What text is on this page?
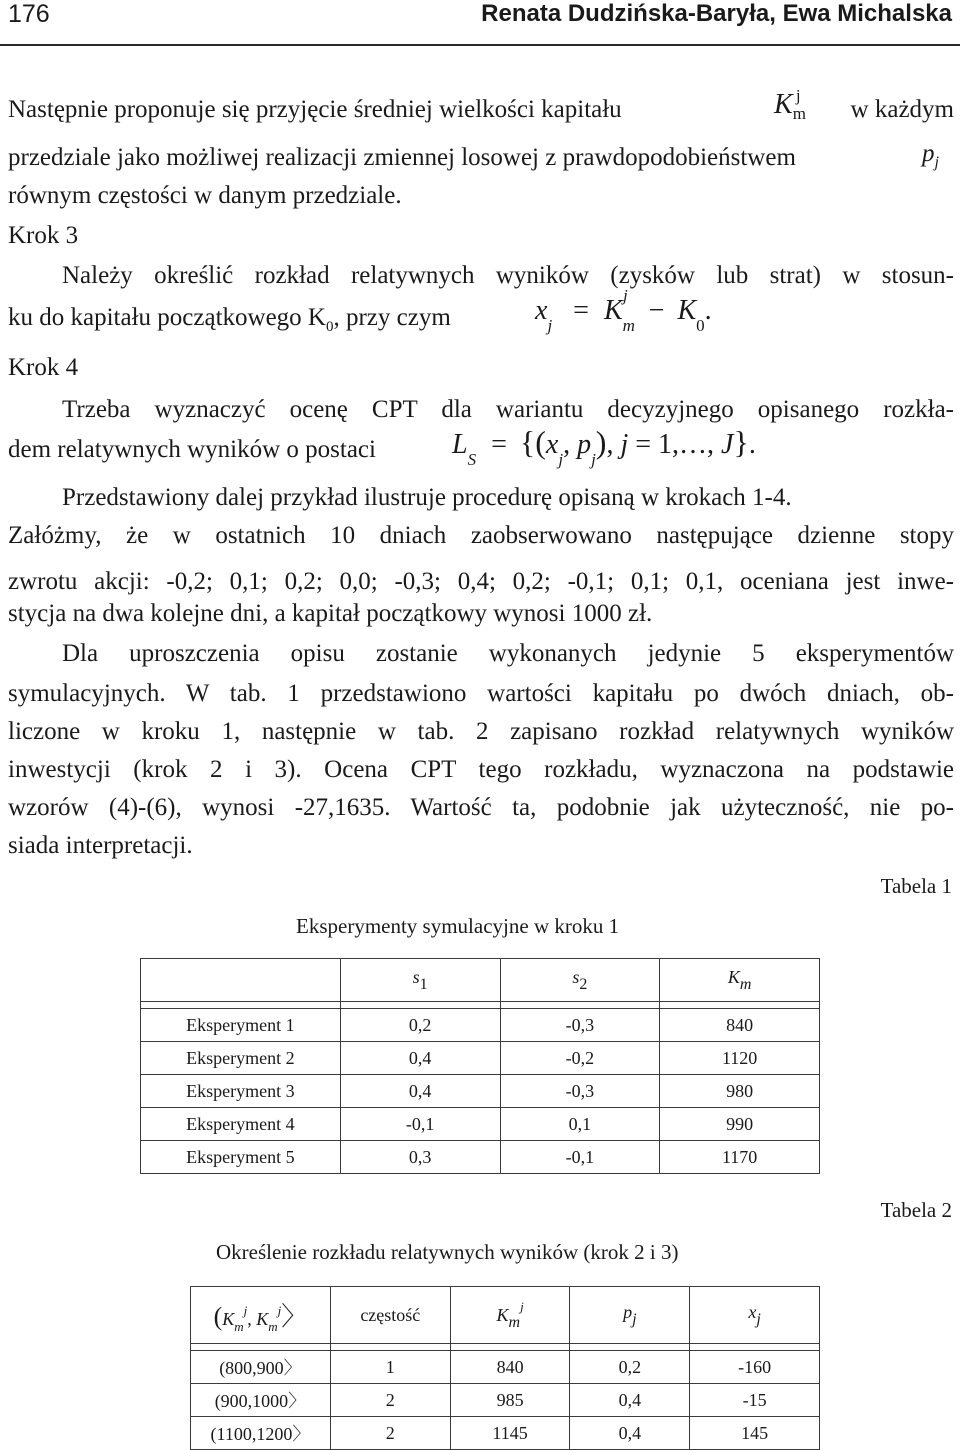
176	Renata Dudzińska-Baryła, Ewa Michalska
Następnie proponuje się przyjęcie średniej wielkości kapitału	$K_m^j$
w każdym
przedziale jako możliwej realizacji zmiennej losowej z prawdopodobieństwem	$p_j$
równym częstości w danym przedziale.
Krok 3
Należy określić rozkład relatywnych wyników (zysków lub strat) w stosun-
ku do kapitału początkowego $K_0$, przy czym	$x_j = K_m^j - K_0$.
Krok 4
Trzeba wyznaczyć ocenę CPT dla wariantu decyzyjnego opisanego rozkła-
dem relatywnych wyników o postaci	$L_S = \{(x_j$, $p_j$), j = 1,…, J}.
Przedstawiony dalej przykład ilustruje procedurę opisaną w krokach 1-4.
Załóżmy, że w ostatnich 10 dniach zaobserwowano następujące dzienne stopy
zwrotu akcji: -0,2; 0,1; 0,2; 0,0; -0,3; 0,4; 0,2; -0,1; 0,1; 0,1, oceniana jest inwe-
stycja na dwa kolejne dni, a kapitał początkowy wynosi 1000 zł.
Dla uproszczenia opisu zostanie wykonanych jedynie 5 eksperymentów
symulacyjnych. W tab. 1 przedstawiono wartości kapitału po dwóch dniach, ob-
liczone w kroku 1, następnie w tab. 2 zapisano rozkład relatywnych wyników
inwestycji (krok 2 i 3). Ocena CPT tego rozkładu, wyznaczona na podstawie
wzorów (4)-(6), wynosi -27,1635. Wartość ta, podobnie jak użyteczność, nie po-
siada interpretacji.
Tabela 1
Eksperymenty symulacyjne w kroku 1
	s1	s2	Km

Eksperyment 1	0,2	-0,3	840
Eksperyment 2	0,4	-0,2	1120
Eksperyment 3	0,4	-0,3	980
Eksperyment 4	-0,1	0,1	990
Eksperyment 5	0,3	-0,1	1170
Tabela 2
Określenie rozkładu relatywnych wyników (krok 2 i 3)
($K_m^j$, $K_m^j$〉	częstość	Km$^j$	pj	xj

(800,900〉	1	840	0,2	-160
(900,1000〉	2	985	0,4	-15
(1100,1200〉	2	1145	0,4	145
